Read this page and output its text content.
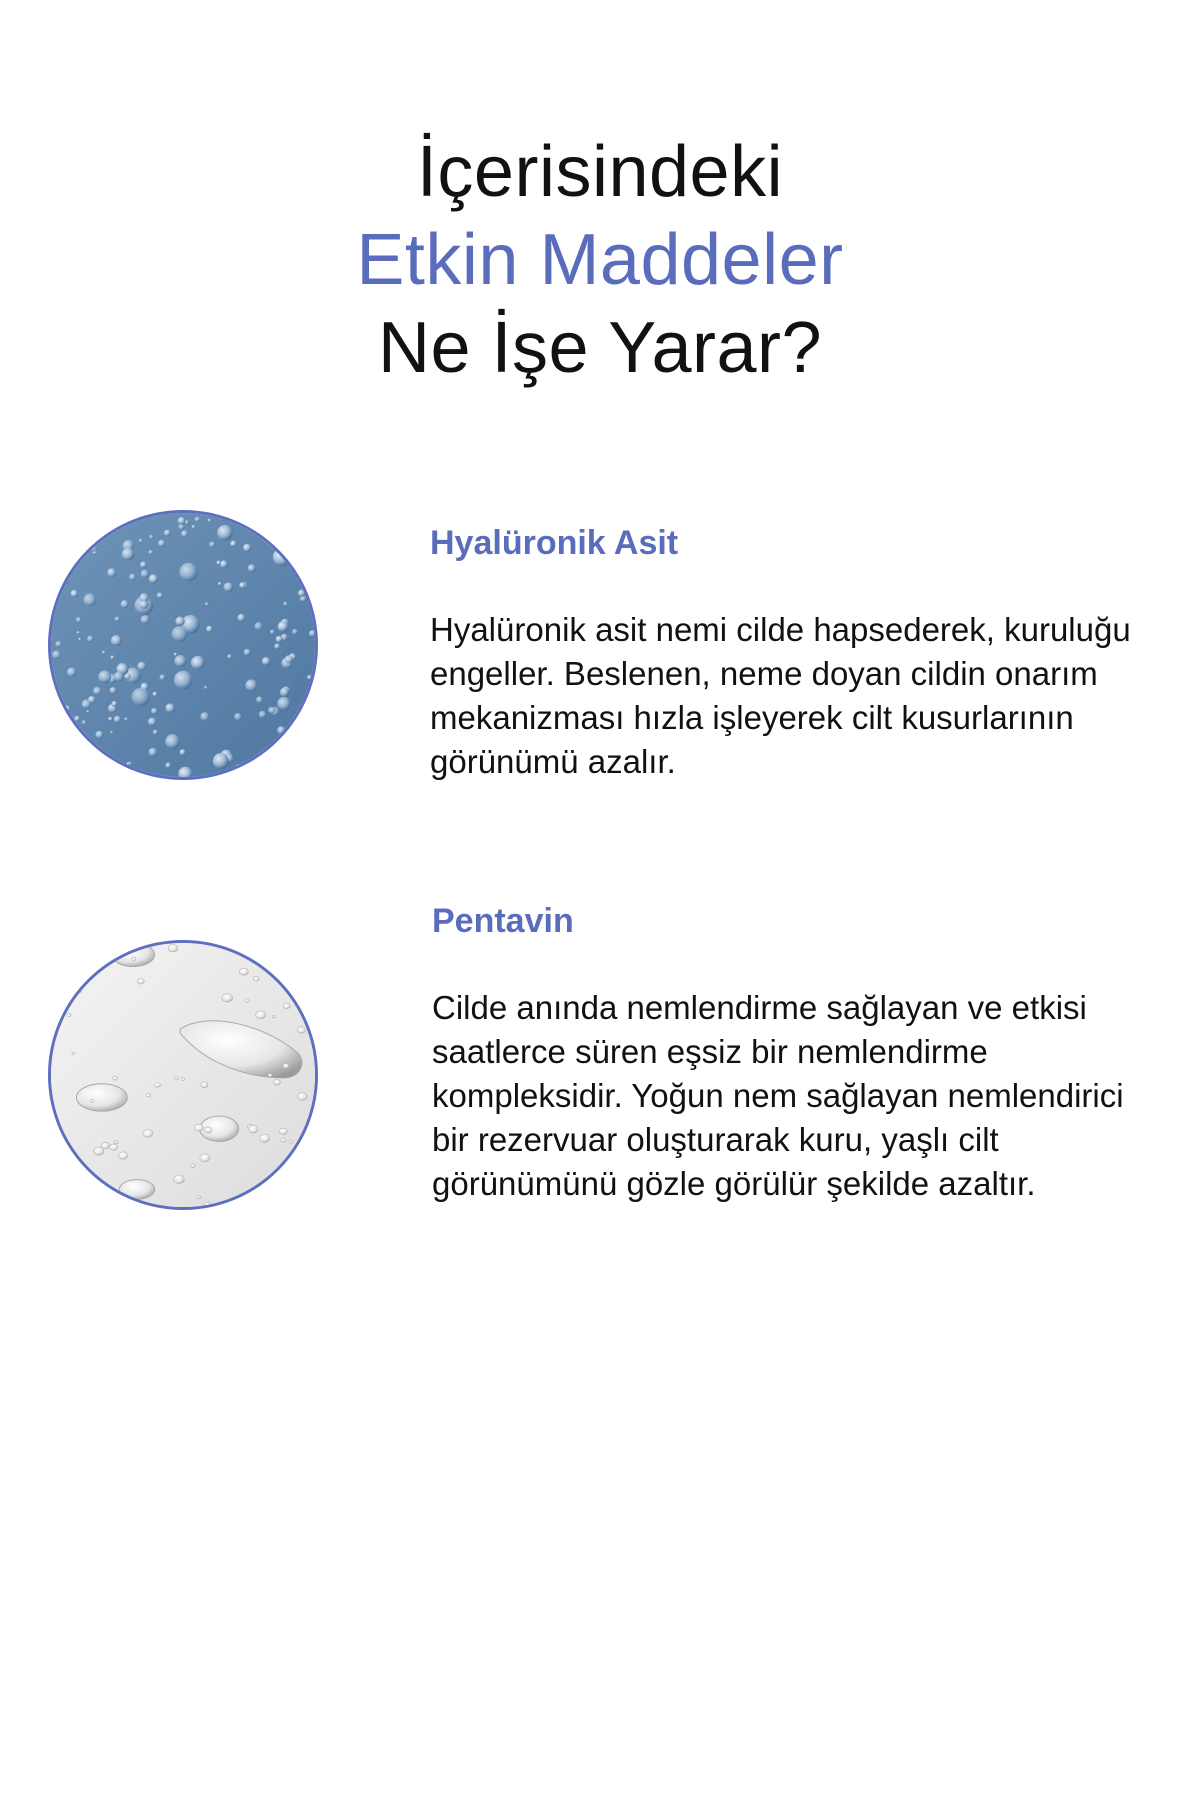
İçerisindeki
Etkin Maddeler
Ne İşe Yarar?
Hyalüronik Asit

Hyalüronik asit nemi cilde hapsederek, kuruluğu engeller. Beslenen, neme doyan cildin onarım mekanizması hızla işleyerek cilt kusurlarının görünümü azalır.

Pentavin

Cilde anında nemlendirme sağlayan ve etkisi saatlerce süren eşsiz bir nemlendirme kompleksidir. Yoğun nem sağlayan nemlendirici bir rezervuar oluşturarak kuru, yaşlı cilt görünümünü gözle görülür şekilde azaltır.
